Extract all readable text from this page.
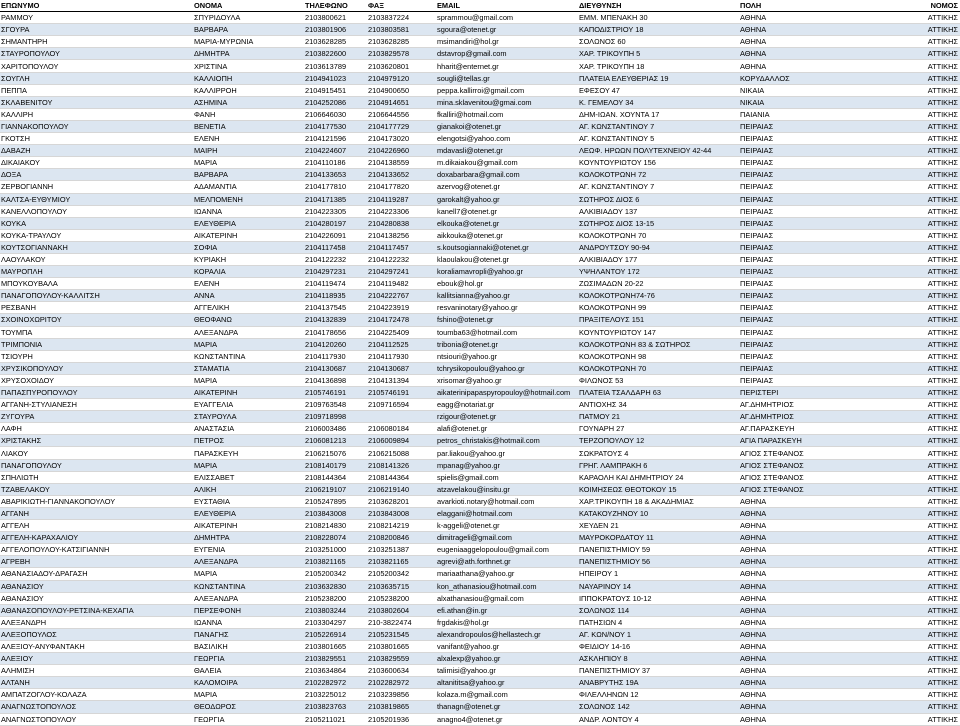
ΕΠΩΝΥΜΟ	ΟΝΟΜΑ	ΤΗΛΕΦΩΝΟ	ΦΑΞ	EMAIL	ΔΙΕΥΘΥΝΣΗ	ΠΟΛΗ	ΝΟΜΟΣ
ΡΑΜΜΟΥ	ΣΠΥΡΙΔΟΥΛΑ	2103800621	2103837224	sprammou@gmail.com	ΕΜΜ. ΜΠΕΝΑΚΗ 30	ΑΘΗΝΑ	ΑΤΤΙΚΗΣ
ΣΓΟΥΡΑ	ΒΑΡΒΑΡΑ	2103801906	2103803581	sgoura@otenet.gr	ΚΑΠΟΔΙΣΤΡΙΟΥ 18	ΑΘΗΝΑ	ΑΤΤΙΚΗΣ
ΣΗΜΑΝΤΗΡΗ	ΜΑΡΙΑ-ΜΥΡΩΝΙΑ	2103628285	2103628285	msimandiri@hol.gr	ΣΟΛΩΝΟΣ 60	ΑΘΗΝΑ	ΑΤΤΙΚΗΣ
ΣΤΑΥΡΟΠΟΥΛΟΥ	ΔΗΜΗΤΡΑ	2103822600	2103829578	dstavrop@gmail.com	ΧΑΡ. ΤΡΙΚΟΥΠΗ 5	ΑΘΗΝΑ	ΑΤΤΙΚΗΣ
ΧΑΡΙΤΟΠΟΥΛΟΥ	ΧΡΙΣΤΙΝΑ	2103613789	2103620801	hharit@enternet.gr	ΧΑΡ. ΤΡΙΚΟΥΠΗ 18	ΑΘΗΝΑ	ΑΤΤΙΚΗΣ
ΣΟΥΓΛΗ	ΚΑΛΛΙΟΠΗ	2104941023	2104979120	sougli@tellas.gr	ΠΛΑΤΕΙΑ ΕΛΕΥΘΕΡΙΑΣ 19	ΚΟΡΥΔΑΛΛΟΣ	ΑΤΤΙΚΗΣ
ΠΕΠΠΑ	ΚΑΛΛΙΡΡΟΗ	2104915451	2104900650	peppa.kallirroi@gmail.com	ΕΦΕΣΟΥ 47	ΝΙΚΑΙΑ	ΑΤΤΙΚΗΣ
ΣΚΛΑΒΕΝΙΤΟΥ	ΑΣΗΜΙΝΑ	2104252086	2104914651	mina.sklavenitou@gmai.com	Κ. ΓΕΜΕΛΟΥ 34	ΝΙΚΑΙΑ	ΑΤΤΙΚΗΣ
ΚΑΛΛΙΡΗ	ΦΑΝΗ	2106646030	2106644556	fkalliri@hotmail.com	ΔΗΜ-ΙΩΑΝ. ΧΟΥΝΤΑ 17	ΠΑΙΑΝΙΑ	ΑΤΤΙΚΗΣ
ΓΙΑΝΝΑΚΟΠΟΥΛΟΥ	ΒΕΝΕΤΙΑ	2104177530	2104177729	gianakoi@otenet.gr	ΑΓ. ΚΩΝΣΤΑΝΤΙΝΟΥ 7	ΠΕΙΡΑΙΑΣ	ΑΤΤΙΚΗΣ
ΓΚΟΤΣΗ	ΕΛΕΝΗ	2104121596	2104173020	elengotsi@yahoo.com	ΑΓ. ΚΩΝΣΤΑΝΤΙΝΟΥ 5	ΠΕΙΡΑΙΑΣ	ΑΤΤΙΚΗΣ
ΔΑΒΑΖΗ	ΜΑΙΡΗ	2104224607	2104226960	mdavasli@otenet.gr	ΛΕΩΦ. ΗΡΩΩΝ ΠΟΛΥΤΕΧΝΕΙΟΥ 42-44	ΠΕΙΡΑΙΑΣ	ΑΤΤΙΚΗΣ
ΔΙΚΑΙΑΚΟΥ	ΜΑΡΙΑ	2104110186	2104138559	m.dikaiakou@gmail.com	ΚΟΥΝΤΟΥΡΙΩΤΟΥ 156	ΠΕΙΡΑΙΑΣ	ΑΤΤΙΚΗΣ
ΔΟΞΑ	ΒΑΡΒΑΡΑ	2104133653	2104133652	doxabarbara@gmail.com	ΚΟΛΟΚΟΤΡΩΝΗ 72	ΠΕΙΡΑΙΑΣ	ΑΤΤΙΚΗΣ
ΖΕΡΒΟΓΙΑΝΝΗ	ΑΔΑΜΑΝΤΙΑ	2104177810	2104177820	azervog@otenet.gr	ΑΓ. ΚΩΝΣΤΑΝΤΙΝΟΥ 7	ΠΕΙΡΑΙΑΣ	ΑΤΤΙΚΗΣ
ΚΑΛΤΣΑ-ΕΥΘΥΜΙΟΥ	ΜΕΛΠΟΜΕΝΗ	2104171385	2104119287	garokalt@yahoo.gr	ΣΩΤΗΡΟΣ ΔΙΟΣ 6	ΠΕΙΡΑΙΑΣ	ΑΤΤΙΚΗΣ
ΚΑΝΕΛΛΟΠΟΥΛΟΥ	ΙΩΑΝΝΑ	2104223305	2104223306	kanell7@otenet.gr	ΑΛΚΙΒΙΑΔΟΥ 137	ΠΕΙΡΑΙΑΣ	ΑΤΤΙΚΗΣ
ΚΟΥΚΑ	ΕΛΕΥΘΕΡΙΑ	2104280197	2104280838	elkouka@otenet.gr	ΣΩΤΗΡΟΣ ΔΙΟΣ 13-15	ΠΕΙΡΑΙΑΣ	ΑΤΤΙΚΗΣ
ΚΟΥΚΑ-ΤΡΑΥΛΟΥ	ΑΙΚΑΤΕΡΙΝΗ	2104226091	2104138256	aikkouka@otenet.gr	ΚΟΛΟΚΟΤΡΩΝΗ 70	ΠΕΙΡΑΙΑΣ	ΑΤΤΙΚΗΣ
ΚΟΥΤΣΟΓΙΑΝΝΑΚΗ	ΣΟΦΙΑ	2104117458	2104117457	s.koutsogiannaki@otenet.gr	ΑΝΔΡΟΥΤΣΟΥ 90-94	ΠΕΙΡΑΙΑΣ	ΑΤΤΙΚΗΣ
ΛΑΟΥΛΑΚΟΥ	ΚΥΡΙΑΚΗ	2104122232	2104122232	klaoulakou@otenet.gr	ΑΛΚΙΒΙΑΔΟΥ 177	ΠΕΙΡΑΙΑΣ	ΑΤΤΙΚΗΣ
ΜΑΥΡΟΠΛΗ	ΚΟΡΑΛΙΑ	2104297231	2104297241	koraliamavropli@yahoo.gr	ΥΨΗΛΑΝΤΟΥ 172	ΠΕΙΡΑΙΑΣ	ΑΤΤΙΚΗΣ
ΜΠΟΥΚΟΥΒΑΛΑ	ΕΛΕΝΗ	2104119474	2104119482	ebouk@hol.gr	ΖΩΣΙΜΑΔΩΝ 20-22	ΠΕΙΡΑΙΑΣ	ΑΤΤΙΚΗΣ
ΠΑΝΑΓΟΠΟΥΛΟΥ-ΚΑΛΛΙΤΣΗ	ΑΝΝΑ	2104118935	2104222767	kallitsianna@yahoo.gr	ΚΟΛΟΚΟΤΡΩΝΗ74-76	ΠΕΙΡΑΙΑΣ	ΑΤΤΙΚΗΣ
ΡΕΣΒΑΝΗ	ΑΓΓΕΛΙΚΗ	2104137545	2104223919	resvaninotary@yahoo.gr	ΚΟΛΟΚΟΤΡΩΝΗ 99	ΠΕΙΡΑΙΑΣ	ΑΤΤΙΚΗΣ
ΣΧΟΙΝΟΧΩΡΙΤΟΥ	ΘΕΟΦΑΝΩ	2104132839	2104172478	fshino@otenet.gr	ΠΡΑΞΙΤΕΛΟΥΣ 151	ΠΕΙΡΑΙΑΣ	ΑΤΤΙΚΗΣ
ΤΟΥΜΠΑ	ΑΛΕΞΑΝΔΡΑ	2104178656	2104225409	toumba63@hotmail.com	ΚΟΥΝΤΟΥΡΙΩΤΟΥ 147	ΠΕΙΡΑΙΑΣ	ΑΤΤΙΚΗΣ
ΤΡΙΜΠΟΝΙΑ	ΜΑΡΙΑ	2104120260	2104112525	tribonia@otenet.gr	ΚΟΛΟΚΟΤΡΩΝΗ 83 & ΣΩΤΗΡΟΣ	ΠΕΙΡΑΙΑΣ	ΑΤΤΙΚΗΣ
ΤΣΙΟΥΡΗ	ΚΩΝΣΤΑΝΤΙΝΑ	2104117930	2104117930	ntsiouri@yahoo.gr	ΚΟΛΟΚΟΤΡΩΝΗ 98	ΠΕΙΡΑΙΑΣ	ΑΤΤΙΚΗΣ
ΧΡΥΣΙΚΟΠΟΥΛΟΥ	ΣΤΑΜΑΤΙΑ	2104130687	2104130687	tchrysikopoulou@yahoo.gr	ΚΟΛΟΚΟΤΡΩΝΗ 70	ΠΕΙΡΑΙΑΣ	ΑΤΤΙΚΗΣ
ΧΡΥΣΟΧΟΙΔΟΥ	ΜΑΡΙΑ	2104136898	2104131394	xrisomar@yahoo.gr	ΦΙΛΩΝΟΣ 53	ΠΕΙΡΑΙΑΣ	ΑΤΤΙΚΗΣ
ΠΑΠΑΣΠΥΡΟΠΟΥΛΟΥ	ΑΙΚΑΤΕΡΙΝΗ	2105746191	2105746191	aikaterinipapaspyropouloy@hotmail.com	ΠΛΑΤΕΙΑ ΤΣΑΛΔΑΡΗ 63	ΠΕΡΙΣΤΕΡΙ	ΑΤΤΙΚΗΣ
ΑΓΓΑΝΗ-ΣΤΥΛΙΑΝΕΣΗ	ΕΥΑΓΓΕΛΙΑ	2109763548	2109716594	eagg@notariat.gr	ΑΝΤΙΟΧΗΣ 34	ΑΓ.ΔΗΜΗΤΡΙΟΣ	ΑΤΤΙΚΗΣ
ΖΥΓΟΥΡΑ	ΣΤΑΥΡΟΥΛΑ	2109718998		rzigour@otenet.gr	ΠΑΤΜΟΥ 21	ΑΓ.ΔΗΜΗΤΡΙΟΣ	ΑΤΤΙΚΗΣ
ΛΑΦΗ	ΑΝΑΣΤΑΣΙΑ	2106003486	2106080184	alafi@otenet.gr	ΓΟΥΝΑΡΗ 27	ΑΓ.ΠΑΡΑΣΚΕΥΗ	ΑΤΤΙΚΗΣ
ΧΡΙΣΤΑΚΗΣ	ΠΕΤΡΟΣ	2106081213	2106009894	petros_christakis@hotmail.com	ΤΕΡΖΟΠΟΥΛΟΥ 12	ΑΓΙΑ ΠΑΡΑΣΚΕΥΗ	ΑΤΤΙΚΗΣ
ΛΙΑΚΟΥ	ΠΑΡΑΣΚΕΥΗ	2106215076	2106215088	par.liakou@yahoo.gr	ΣΩΚΡΑΤΟΥΣ 4	ΑΓΙΟΣ ΣΤΕΦΑΝΟΣ	ΑΤΤΙΚΗΣ
ΠΑΝΑΓΟΠΟΥΛΟΥ	ΜΑΡΙΑ	2108140179	2108141326	mpanag@yahoo.gr	ΓΡΗΓ. ΛΑΜΠΡΑΚΗ 6	ΑΓΙΟΣ ΣΤΕΦΑΝΟΣ	ΑΤΤΙΚΗΣ
ΣΠΗΛΙΩΤΗ	ΕΛΙΣΣΑΒΕΤ	2108144364	2108144364	spielis@gmail.com	ΚΑΡΑΟΛΗ ΚΑΙ ΔΗΜΗΤΡΙΟΥ 24	ΑΓΙΟΣ ΣΤΕΦΑΝΟΣ	ΑΤΤΙΚΗΣ
ΤΖΑΒΕΛΑΚΟΥ	ΑΛΙΚΗ	2106219107	2106219140	atzavelakou@insitu.gr	ΚΟΙΜΗΣΕΩΣ ΘΕΟΤΟΚΟΥ 15	ΑΓΙΟΣ ΣΤΕΦΑΝΟΣ	ΑΤΤΙΚΗΣ
ΑΒΑΡΙΚΙΩΤΗ-ΓΙΑΝΝΑΚΟΠΟΥΛΟΥ	ΕΥΣΤΑΘΙΑ	2105247895	2103628201	avarkioti.notary@hotmail.com	ΧΑΡ.ΤΡΙΚΟΥΠΗ 18 & ΑΚΑΔΗΜΙΑΣ	ΑΘΗΝΑ	ΑΤΤΙΚΗΣ
ΑΓΓΑΝΗ	ΕΛΕΥΘΕΡΙΑ	2103843008	2103843008	elaggani@hotmail.com	ΚΑΤΑΚΟΥΖΗΝΟΥ 10	ΑΘΗΝΑ	ΑΤΤΙΚΗΣ
ΑΓΓΕΛΗ	ΑΙΚΑΤΕΡΙΝΗ	2108214830	2108214219	k-aggeli@otenet.gr	ΧΕΥΔΕΝ 21	ΑΘΗΝΑ	ΑΤΤΙΚΗΣ
ΑΓΓΕΛΗ-ΚΑΡΑΧΑΛΙΟΥ	ΔΗΜΗΤΡΑ	2108228074	2108200846	dimitrageli@gmail.com	ΜΑΥΡΟΚΟΡΔΑΤΟΥ 11	ΑΘΗΝΑ	ΑΤΤΙΚΗΣ
ΑΓΓΕΛΟΠΟΥΛΟΥ-ΚΑΤΣΙΓΙΑΝΝΗ	ΕΥΓΕΝΙΑ	2103251000	2103251387	eugeniaaggelopoulou@gmail.com	ΠΑΝΕΠΙΣΤΗΜΙΟΥ 59	ΑΘΗΝΑ	ΑΤΤΙΚΗΣ
ΑΓΡΕΒΗ	ΑΛΕΞΑΝΔΡΑ	2103821165	2103821165	agrevi@ath.forthnet.gr	ΠΑΝΕΠΙΣΤΗΜΙΟΥ 56	ΑΘΗΝΑ	ΑΤΤΙΚΗΣ
ΑΘΑΝΑΣΙΑΔΟΥ-ΔΡΑΓΑΣΗ	ΜΑΡΙΑ	2105200342	2105200342	mariaathana@yahoo.gr	ΗΠΕΙΡΟΥ 1	ΑΘΗΝΑ	ΑΤΤΙΚΗΣ
ΑΘΑΝΑΣΙΟΥ	ΚΩΝΣΤΑΝΤΙΝΑ	2103632830	2103635715	kon_athanasiou@hotmail.com	ΝΑΥΑΡΙΝΟΥ 14	ΑΘΗΝΑ	ΑΤΤΙΚΗΣ
ΑΘΑΝΑΣΙΟΥ	ΑΛΕΞΑΝΔΡΑ	2105238200	2105238200	alxathanasiou@gmail.com	ΙΠΠΟΚΡΑΤΟΥΣ 10-12	ΑΘΗΝΑ	ΑΤΤΙΚΗΣ
ΑΘΑΝΑΣΟΠΟΥΛΟΥ-ΡΕΤΣΙΝΑ-ΚΕΧΑΓΙΑ	ΠΕΡΣΕΦΟΝΗ	2103803244	2103802604	efi.athan@in.gr	ΣΟΛΩΝΟΣ 114	ΑΘΗΝΑ	ΑΤΤΙΚΗΣ
ΑΛΕΞΑΝΔΡΗ	ΙΩΑΝΝΑ	2103304297	210-3822474	frgdakis@hol.gr	ΠΑΤΗΣΙΩΝ 4	ΑΘΗΝΑ	ΑΤΤΙΚΗΣ
ΑΛΕΞΟΠΟΥΛΟΣ	ΠΑΝΑΓΗΣ	2105226914	2105231545	alexandropoulos@hellastech.gr	ΑΓ. ΚΩΝ/ΝΟΥ 1	ΑΘΗΝΑ	ΑΤΤΙΚΗΣ
ΑΛΕΞΙΟΥ-ΑΝΥΦΑΝΤΑΚΗ	ΒΑΣΙΛΙΚΗ	2103801665	2103801665	vanifant@yahoo.gr	ΦΕΙΔΙΟΥ 14-16	ΑΘΗΝΑ	ΑΤΤΙΚΗΣ
ΑΛΕΞΙΟΥ	ΓΕΩΡΓΙΑ	2103829551	2103829559	alxalexp@yahoo.gr	ΑΣΚΛΗΠΙΟΥ 8	ΑΘΗΝΑ	ΑΤΤΙΚΗΣ
ΑΛΗΜΙΣΗ	ΘΑΛΕΙΑ	2103634864	2103600634	talimisi@yahoo.gr	ΠΑΝΕΠΙΣΤΗΜΙΟΥ 37	ΑΘΗΝΑ	ΑΤΤΙΚΗΣ
ΑΛΤΑΝΗ	ΚΑΛΟΜΟΙΡΑ	2102282972	2102282972	altanititsa@yahoo.gr	ΑΝΑΒΡΥΤΗΣ 19Α	ΑΘΗΝΑ	ΑΤΤΙΚΗΣ
ΑΜΠΑΤΖΟΓΛΟΥ-ΚΟΛΑΖΑ	ΜΑΡΙΑ	2103225012	2103239856	kolaza.m@gmail.com	ΦΙΛΕΛΛΗΝΩΝ 12	ΑΘΗΝΑ	ΑΤΤΙΚΗΣ
ΑΝΑΓΝΩΣΤΟΠΟΥΛΟΣ	ΘΕΟΔΩΡΟΣ	2103823763	2103819865	thanagn@otenet.gr	ΣΟΛΩΝΟΣ 142	ΑΘΗΝΑ	ΑΤΤΙΚΗΣ
ΑΝΑΓΝΩΣΤΟΠΟΥΛΟΥ	ΓΕΩΡΓΙΑ	2105211021	2105201936	anagno4@otenet.gr	ΑΝΔΡ. ΛΟΝΤΟΥ 4	ΑΘΗΝΑ	ΑΤΤΙΚΗΣ
